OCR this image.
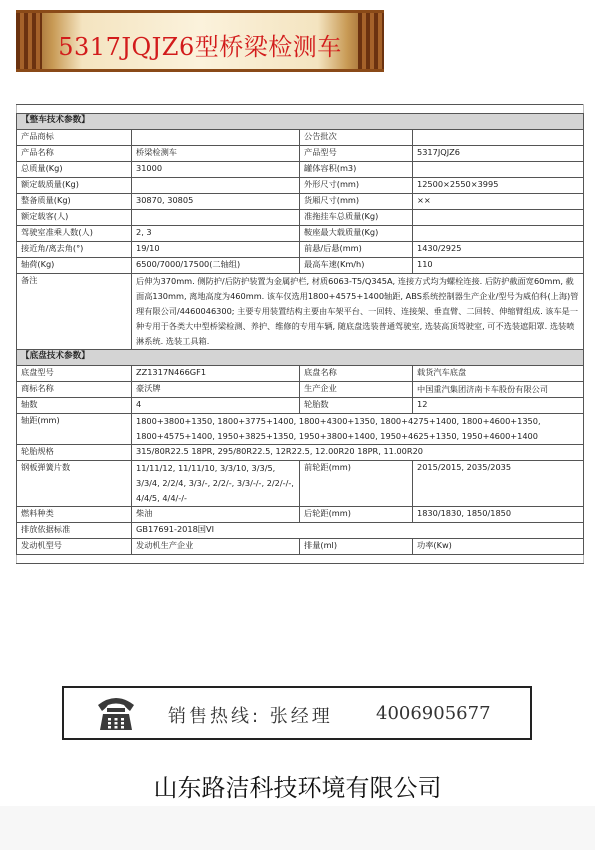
5317JQJZ6型桥梁检测车

【整车技术参数】			
产品商标		公告批次	
产品名称	桥梁检测车	产品型号	5317JQJZ6
总质量(Kg)	31000	罐体容积(m3)	
额定载质量(Kg)		外形尺寸(mm)	12500×2550×3995
整备质量(Kg)	30870, 30805	货厢尺寸(mm)	××
额定载客(人)		准拖挂车总质量(Kg)	
驾驶室准乘人数(人)	2, 3	鞍座最大载质量(Kg)	
接近角/离去角(°)	19/10	前悬/后悬(mm)	1430/2925
轴荷(Kg)	6500/7000/17500(二轴组)	最高车速(Km/h)	110
备注	后伸为370mm. 侧防护/后防护装置为金属护栏, 材质6063-T5/Q345A, 连接方式均为螺栓连接. 后防护截面宽60mm, 截面高130mm, 离地高度为460mm. 该车仅选用1800+4575+1400轴距, ABS系统控制器生产企业/型号为威伯科(上海)管理有限公司/4460046300; 主要专用装置结构主要由车架平台、一回转、连接架、垂直臂、二回转、伸缩臂组成. 该车是一种专用于各类大中型桥梁检测、养护、维修的专用车辆, 随底盘选装普通驾驶室, 选装高顶驾驶室, 可不选装遮阳罩. 选装喷淋系统. 选装工具箱.		
【底盘技术参数】			
底盘型号	ZZ1317N466GF1	底盘名称	载货汽车底盘
商标名称	豪沃牌	生产企业	中国重汽集团济南卡车股份有限公司
轴数	4	轮胎数	12
轴距(mm)	1800+3800+1350, 1800+3775+1400, 1800+4300+1350, 1800+4275+1400, 1800+4600+1350, 1800+4575+1400, 1950+3825+1350, 1950+3800+1400, 1950+4625+1350, 1950+4600+1400		
轮胎规格	315/80R22.5 18PR, 295/80R22.5, 12R22.5, 12.00R20 18PR, 11.00R20		
钢板弹簧片数	11/11/12, 11/11/10, 3/3/10, 3/3/5, 3/3/4, 2/2/4, 3/3/-, 2/2/-, 3/3/-/-, 2/2/-/-, 4/4/5, 4/4/-/-	前轮距(mm)	2015/2015, 2035/2035
燃料种类	柴油	后轮距(mm)	1830/1830, 1850/1850
排放依据标准	GB17691-2018国VI		
发动机型号	发动机生产企业	排量(ml)	功率(Kw)

销售热线: 张经理 4006905677
山东路洁科技环境有限公司
